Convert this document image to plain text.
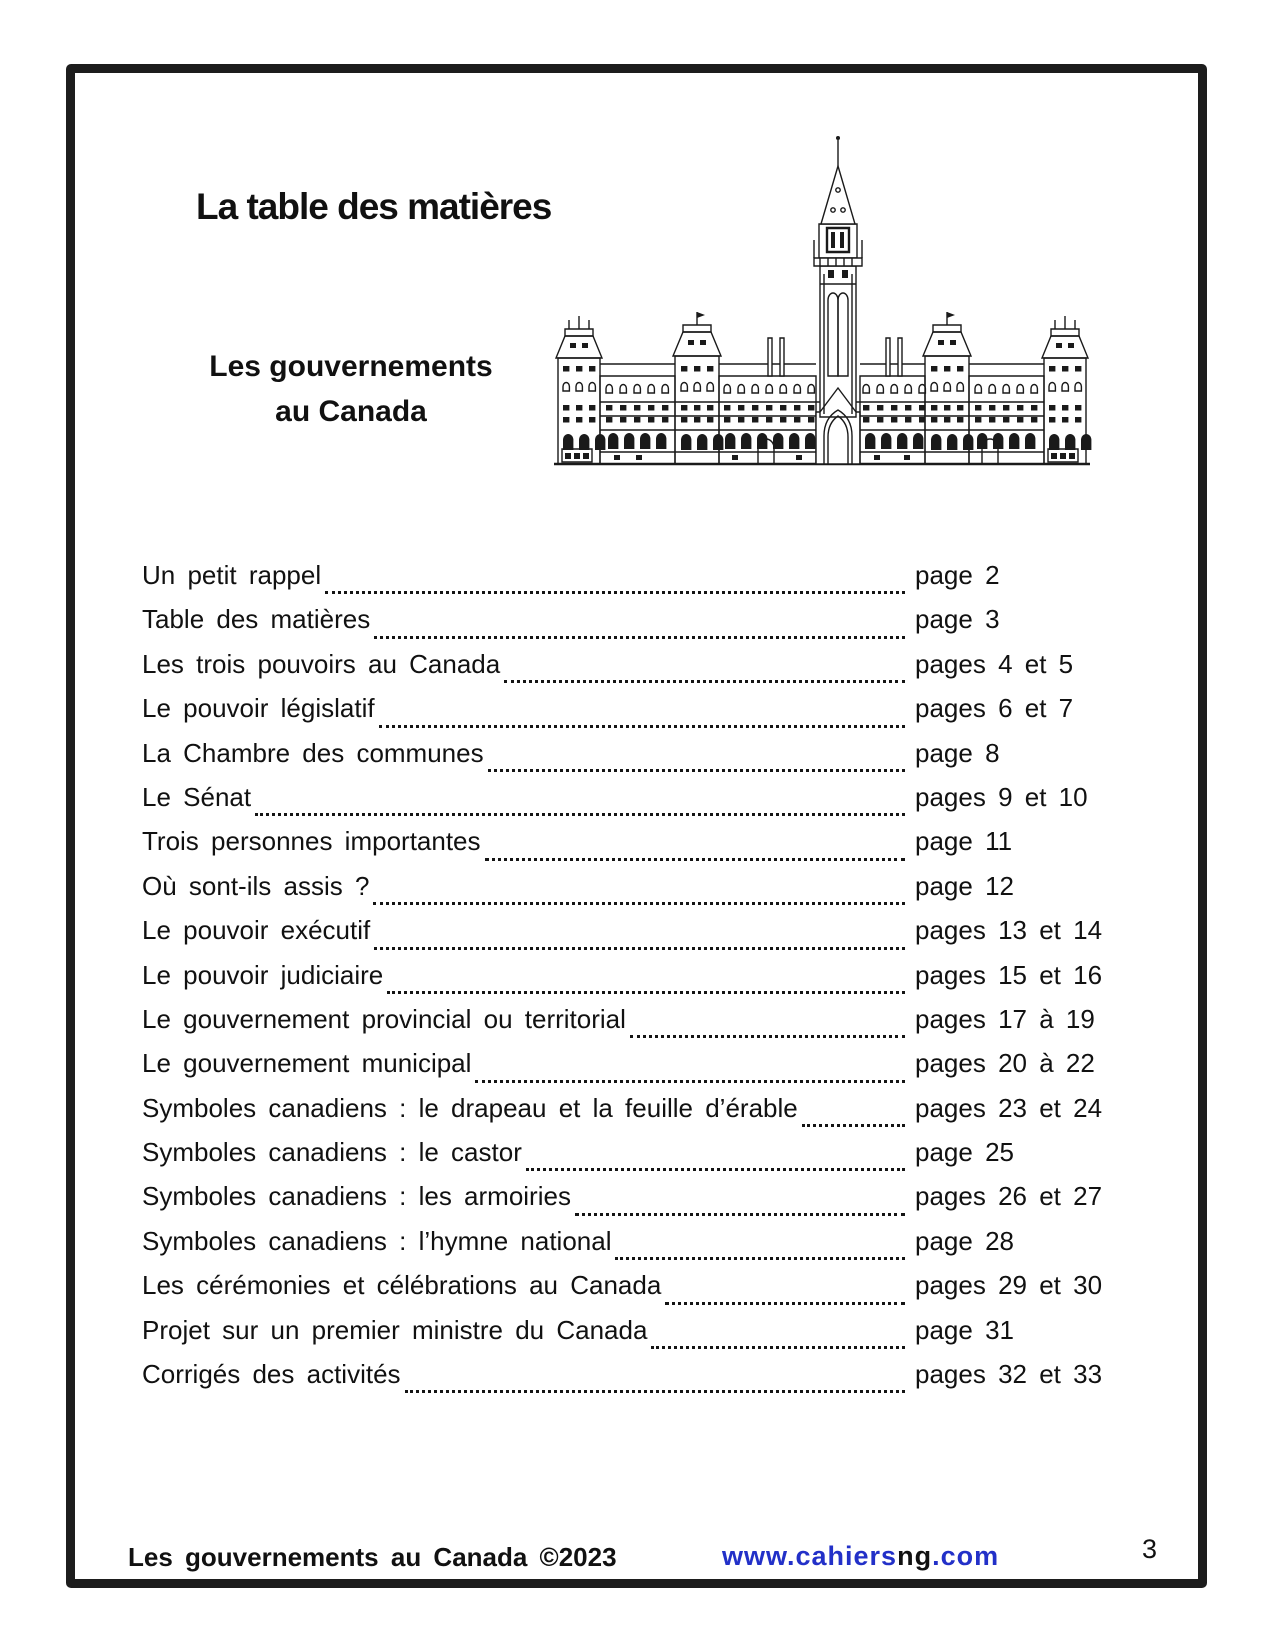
La table des matières
Les gouvernements
au Canada
Un petit rappel	page 2
Table des matières	page 3
Les trois pouvoirs au Canada	pages 4 et 5
Le pouvoir législatif	pages 6 et 7
La Chambre des communes	page 8
Le Sénat	pages 9 et 10
Trois personnes importantes	page 11
Où sont-ils assis ?	page 12
Le pouvoir exécutif	pages 13 et 14
Le pouvoir judiciaire	pages 15 et 16
Le gouvernement provincial ou territorial	pages 17 à 19
Le gouvernement municipal	pages 20 à 22
Symboles canadiens : le drapeau et la feuille d’érable	pages 23 et 24
Symboles canadiens : le castor	page 25
Symboles canadiens : les armoiries	pages 26 et 27
Symboles canadiens : l’hymne national	page 28
Les cérémonies et célébrations au Canada	pages 29 et 30
Projet sur un premier ministre du Canada	page 31
Corrigés des activités	pages 32 et 33
Les gouvernements au Canada ©2023	www.cahiersng.com	3
